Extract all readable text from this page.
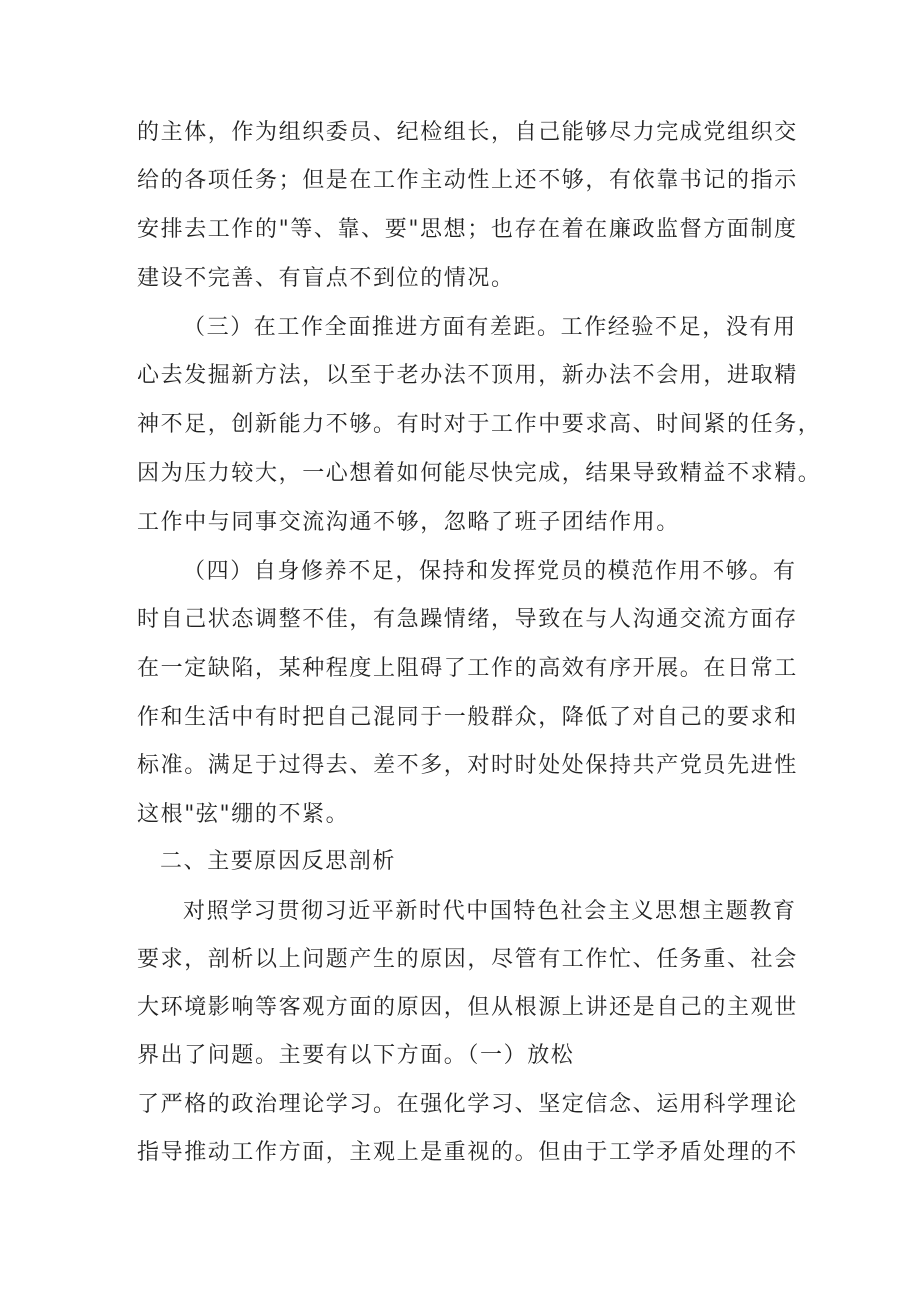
的主体，作为组织委员、纪检组长，自己能够尽力完成党组织交

给的各项任务；但是在工作主动性上还不够，有依靠书记的指示

安排去工作的"等、靠、要"思想；也存在着在廉政监督方面制度

建设不完善、有盲点不到位的情况。

（三）在工作全面推进方面有差距。工作经验不足，没有用

心去发掘新方法，以至于老办法不顶用，新办法不会用，进取精

神不足，创新能力不够。有时对于工作中要求高、时间紧的任务，

因为压力较大，一心想着如何能尽快完成，结果导致精益不求精。

工作中与同事交流沟通不够，忽略了班子团结作用。

（四）自身修养不足，保持和发挥党员的模范作用不够。有

时自己状态调整不佳，有急躁情绪，导致在与人沟通交流方面存

在一定缺陷，某种程度上阻碍了工作的高效有序开展。在日常工

作和生活中有时把自己混同于一般群众，降低了对自己的要求和

标准。满足于过得去、差不多，对时时处处保持共产党员先进性

这根"弦"绷的不紧。

二、主要原因反思剖析

对照学习贯彻习近平新时代中国特色社会主义思想主题教育

要求，剖析以上问题产生的原因，尽管有工作忙、任务重、社会

大环境影响等客观方面的原因，但从根源上讲还是自己的主观世

界出了问题。主要有以下方面。（一）放松

了严格的政治理论学习。在强化学习、坚定信念、运用科学理论

指导推动工作方面，主观上是重视的。但由于工学矛盾处理的不
